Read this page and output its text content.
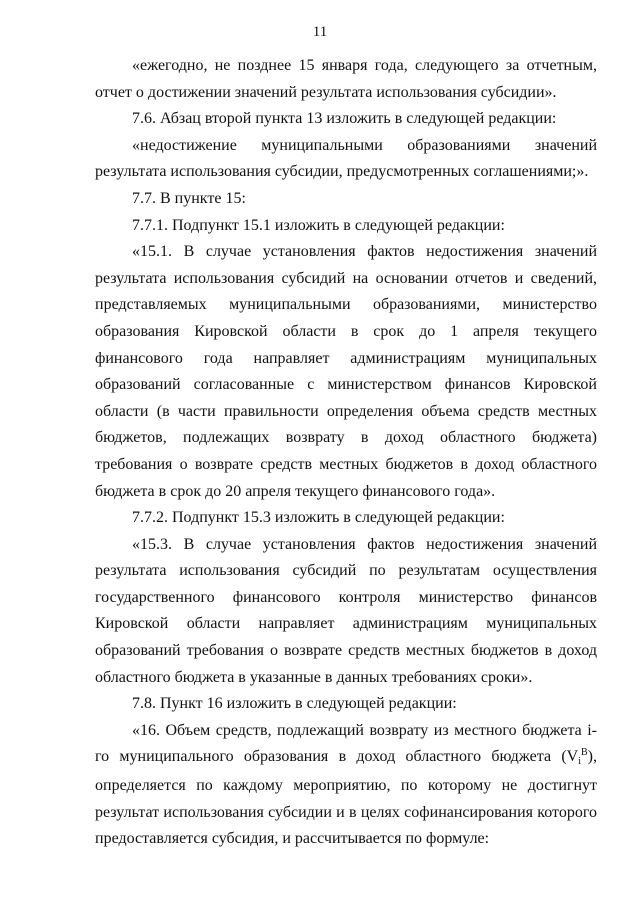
11

«ежегодно, не позднее 15 января года, следующего за отчетным, отчет о достижении значений результата использования субсидии».

7.6. Абзац второй пункта 13 изложить в следующей редакции:

«недостижение муниципальными образованиями значений результата использования субсидии, предусмотренных соглашениями;».

7.7. В пункте 15:

7.7.1. Подпункт 15.1 изложить в следующей редакции:

«15.1. В случае установления фактов недостижения значений результата использования субсидий на основании отчетов и сведений, представляемых муниципальными образованиями, министерство образования Кировской области в срок до 1 апреля текущего финансового года направляет администрациям муниципальных образований согласованные с министерством финансов Кировской области (в части правильности определения объема средств местных бюджетов, подлежащих возврату в доход областного бюджета) требования о возврате средств местных бюджетов в доход областного бюджета в срок до 20 апреля текущего финансового года».

7.7.2. Подпункт 15.3 изложить в следующей редакции:

«15.3. В случае установления фактов недостижения значений результата использования субсидий по результатам осуществления государственного финансового контроля министерство финансов Кировской области направляет администрациям муниципальных образований требования о возврате средств местных бюджетов в доход областного бюджета в указанные в данных требованиях сроки».

7.8. Пункт 16 изложить в следующей редакции:

«16. Объем средств, подлежащий возврату из местного бюджета i-го муниципального образования в доход областного бюджета $(Vi^B)$, определяется по каждому мероприятию, по которому не достигнут результат использования субсидии и в целях софинансирования которого предоставляется субсидия, и рассчитывается по формуле:
